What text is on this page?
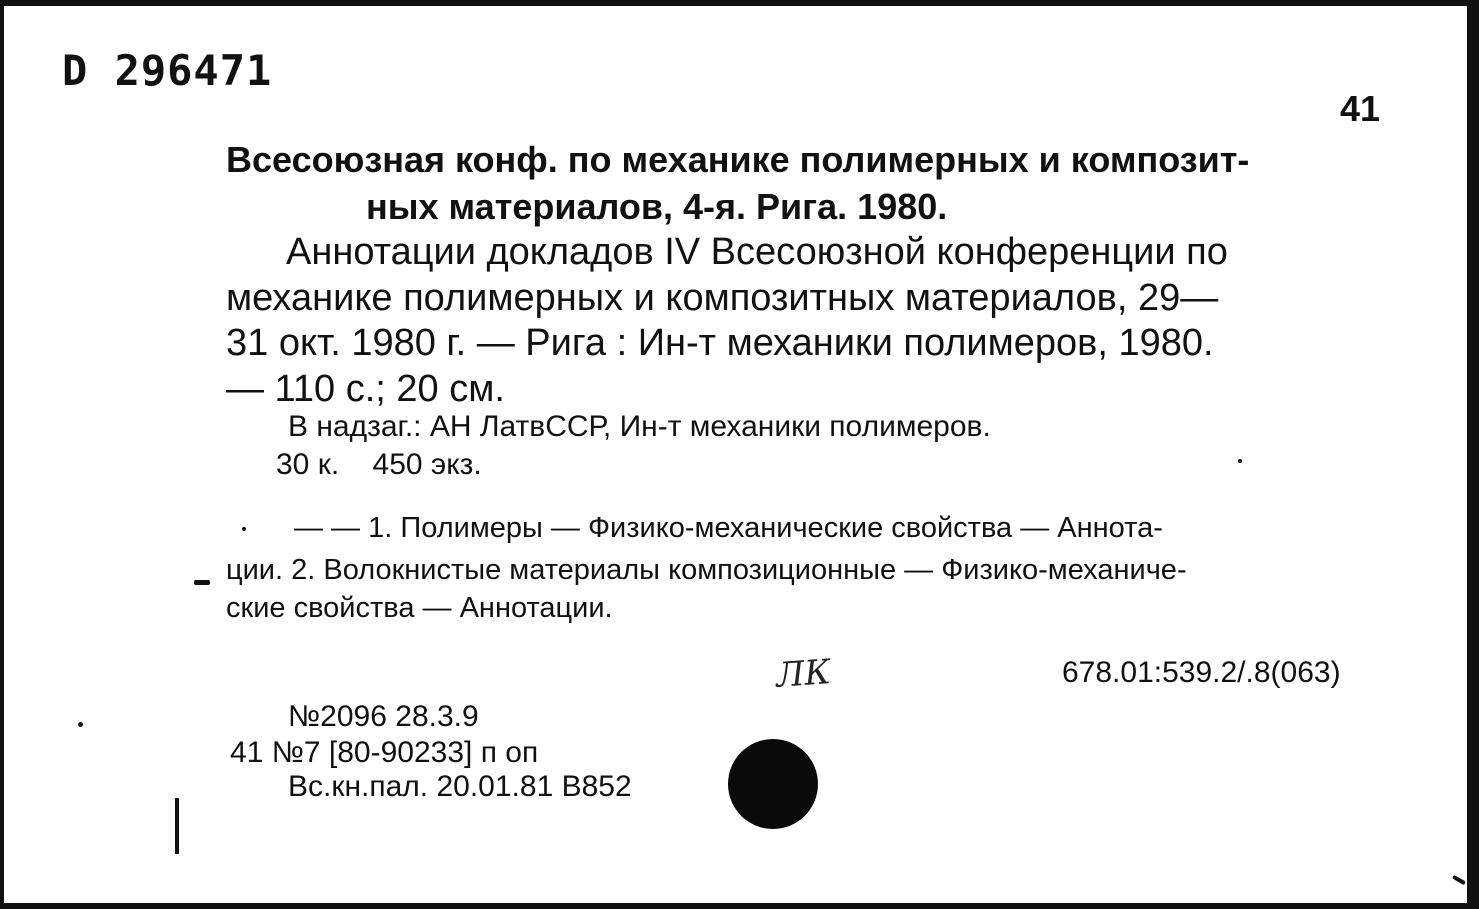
D 296471
41
Всесоюзная конф. по механике полимерных и композит-
ных материалов, 4-я. Рига. 1980.
Аннотации докладов IV Всесоюзной конференции по
механике полимерных и композитных материалов, 29—
31 окт. 1980 г. — Рига : Ин-т механики полимеров, 1980.
— 110 с.; 20 см.
В надзаг.: АН ЛатвССР, Ин-т механики полимеров.
30 к.    450 экз.
— — 1. Полимеры — Физико-механические свойства — Аннота-
ции. 2. Волокнистые материалы композиционные — Физико-механиче-
ские свойства — Аннотации.
ЛК	678.01:539.2/.8(063)
№2096 28.3.9
41 №7 [80-90233] п оп
Вс.кн.пал. 20.01.81 В852
